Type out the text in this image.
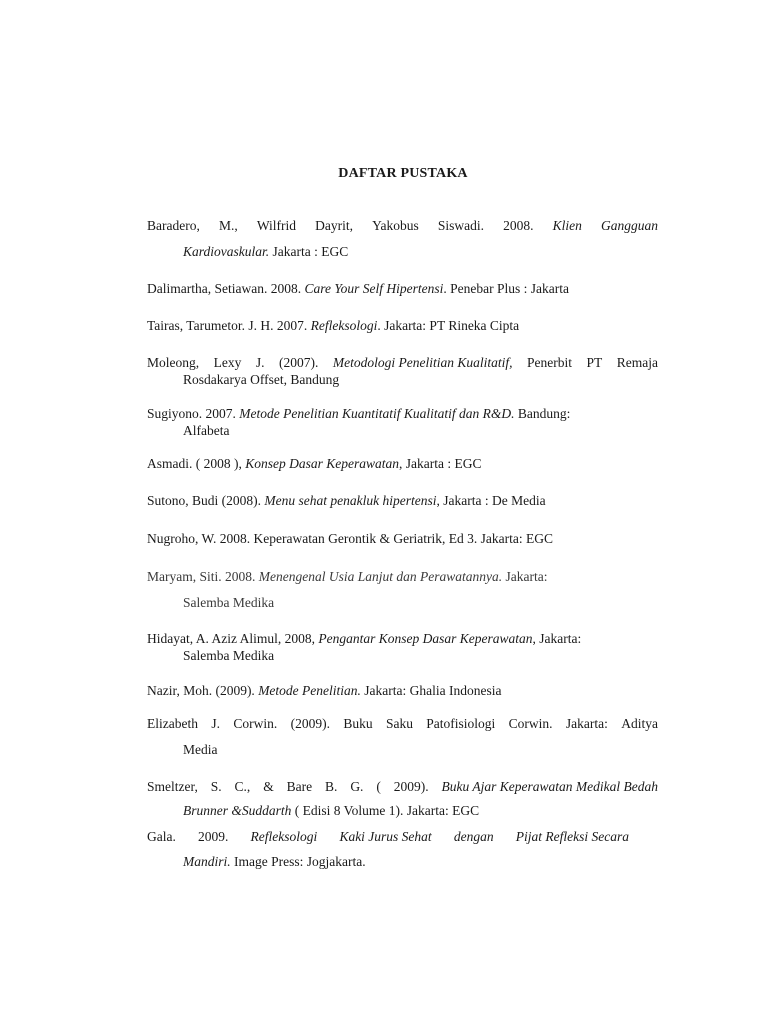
DAFTAR PUSTAKA
Baradero, M., Wilfrid Dayrit, Yakobus Siswadi. 2008. Klien Gangguan
Kardiovaskular. Jakarta : EGC
Dalimartha, Setiawan. 2008. Care Your Self Hipertensi. Penebar Plus : Jakarta
Tairas, Tarumetor. J. H. 2007. Refleksologi. Jakarta: PT Rineka Cipta
Moleong, Lexy J. (2007). Metodologi Penelitian Kualitatif, Penerbit PT Remaja
Rosdakarya Offset, Bandung
Sugiyono. 2007. Metode Penelitian Kuantitatif Kualitatif dan R&D. Bandung:
Alfabeta
Asmadi. ( 2008 ), Konsep Dasar Keperawatan, Jakarta : EGC
Sutono, Budi (2008). Menu sehat penakluk hipertensi, Jakarta : De Media
Nugroho, W. 2008. Keperawatan Gerontik & Geriatrik, Ed 3. Jakarta: EGC
Maryam, Siti. 2008. Menengenal Usia Lanjut dan Perawatannya. Jakarta:
Salemba Medika
Hidayat, A. Aziz Alimul, 2008, Pengantar Konsep Dasar Keperawatan, Jakarta:
Salemba Medika
Nazir, Moh. (2009). Metode Penelitian. Jakarta: Ghalia Indonesia
Elizabeth J. Corwin. (2009). Buku Saku Patofisiologi Corwin. Jakarta: Aditya
Media
Smeltzer, S. C., & Bare B. G. ( 2009). Buku Ajar Keperawatan Medikal Bedah
Brunner &Suddarth ( Edisi 8 Volume 1). Jakarta: EGC
Gala. 2009. Refleksologi Kaki Jurus Sehat dengan Pijat Refleksi Secara
Mandiri. Image Press: Jogjakarta.
